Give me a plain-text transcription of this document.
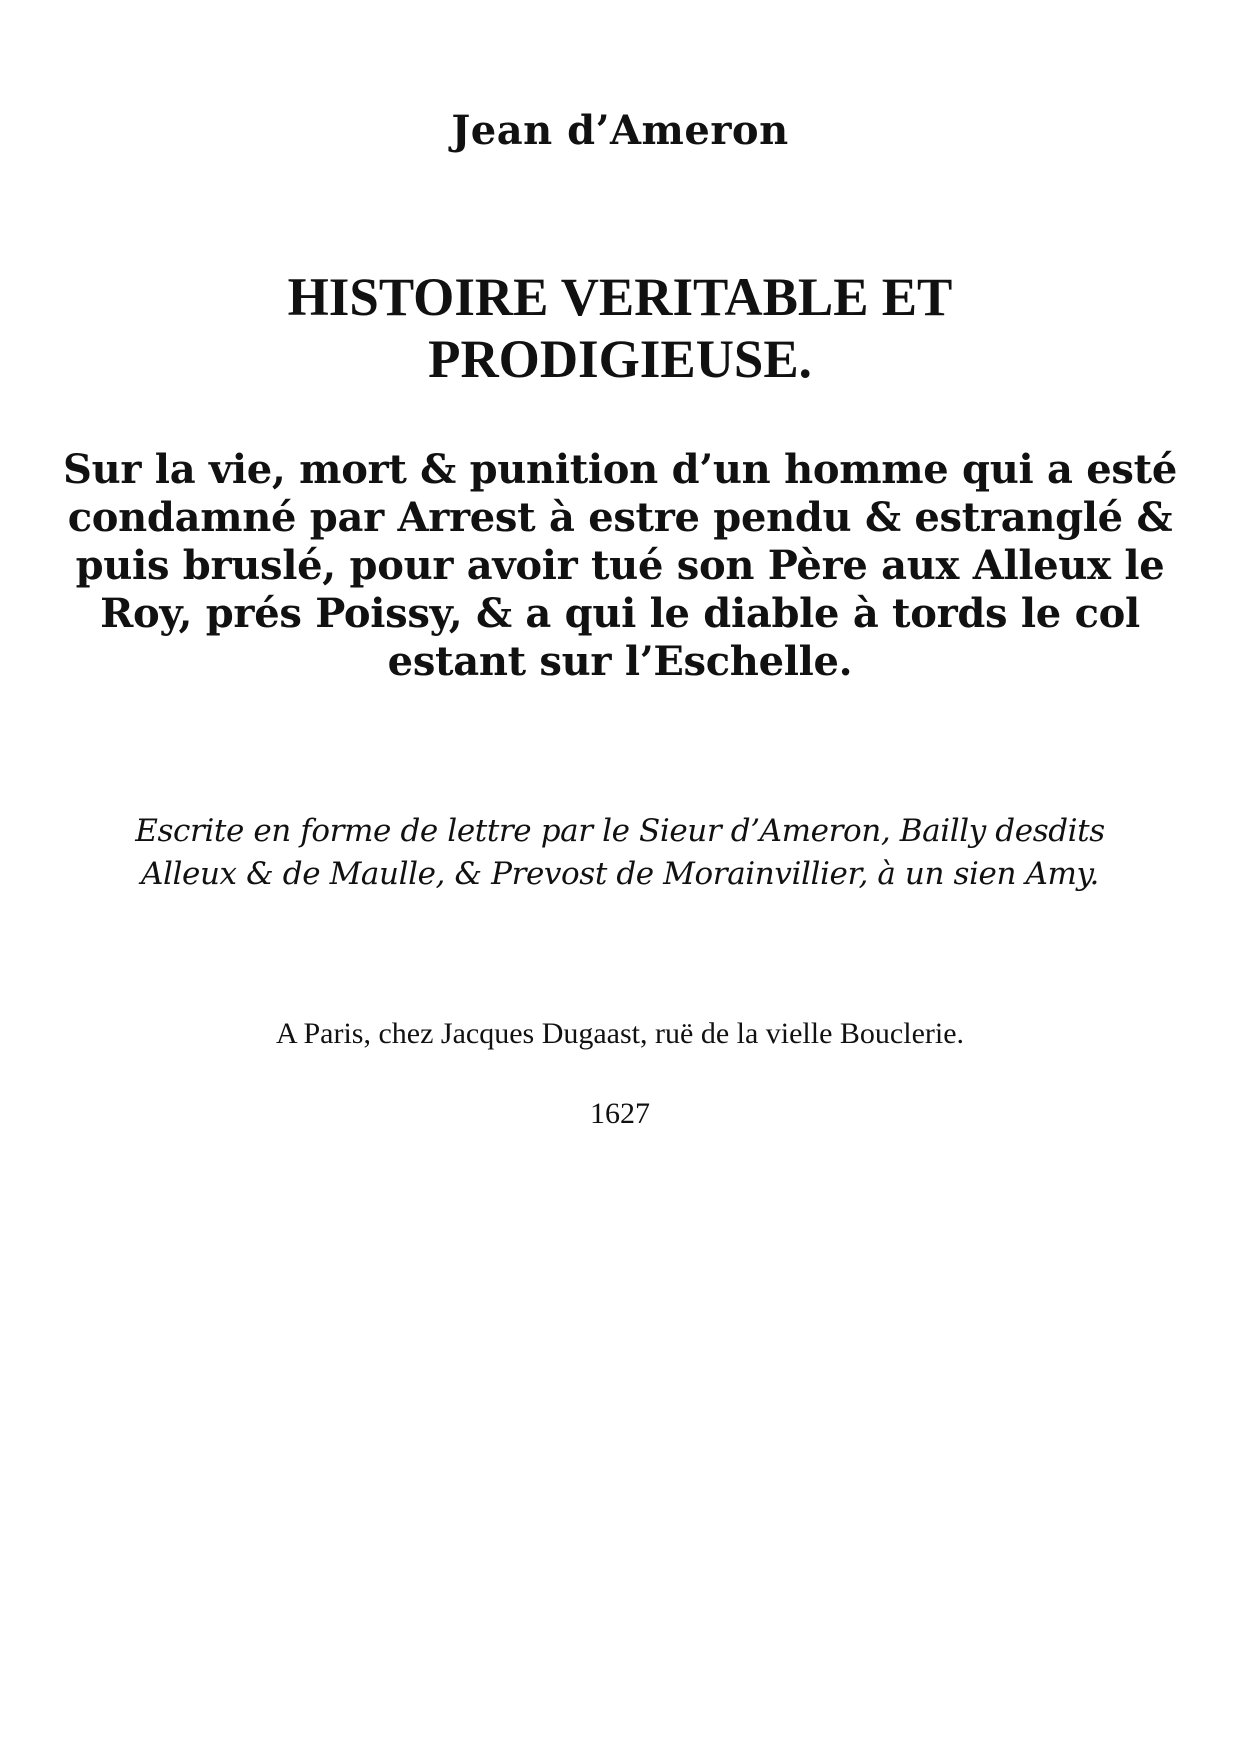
Jean d’Ameron
HISTOIRE VERITABLE ET
PRODIGIEUSE.
Sur la vie, mort & punition d’un homme qui a esté
condamné par Arrest à estre pendu & estranglé &
puis bruslé, pour avoir tué son Père aux Alleux le
Roy, prés Poissy, & a qui le diable à tords le col
estant sur l’Eschelle.

Escrite en forme de lettre par le Sieur d’Ameron, Bailly desdits
Alleux & de Maulle, & Prevost de Morainvillier, à un sien Amy.

A Paris, chez Jacques Dugaast, ruë de la vielle Bouclerie.

1627
